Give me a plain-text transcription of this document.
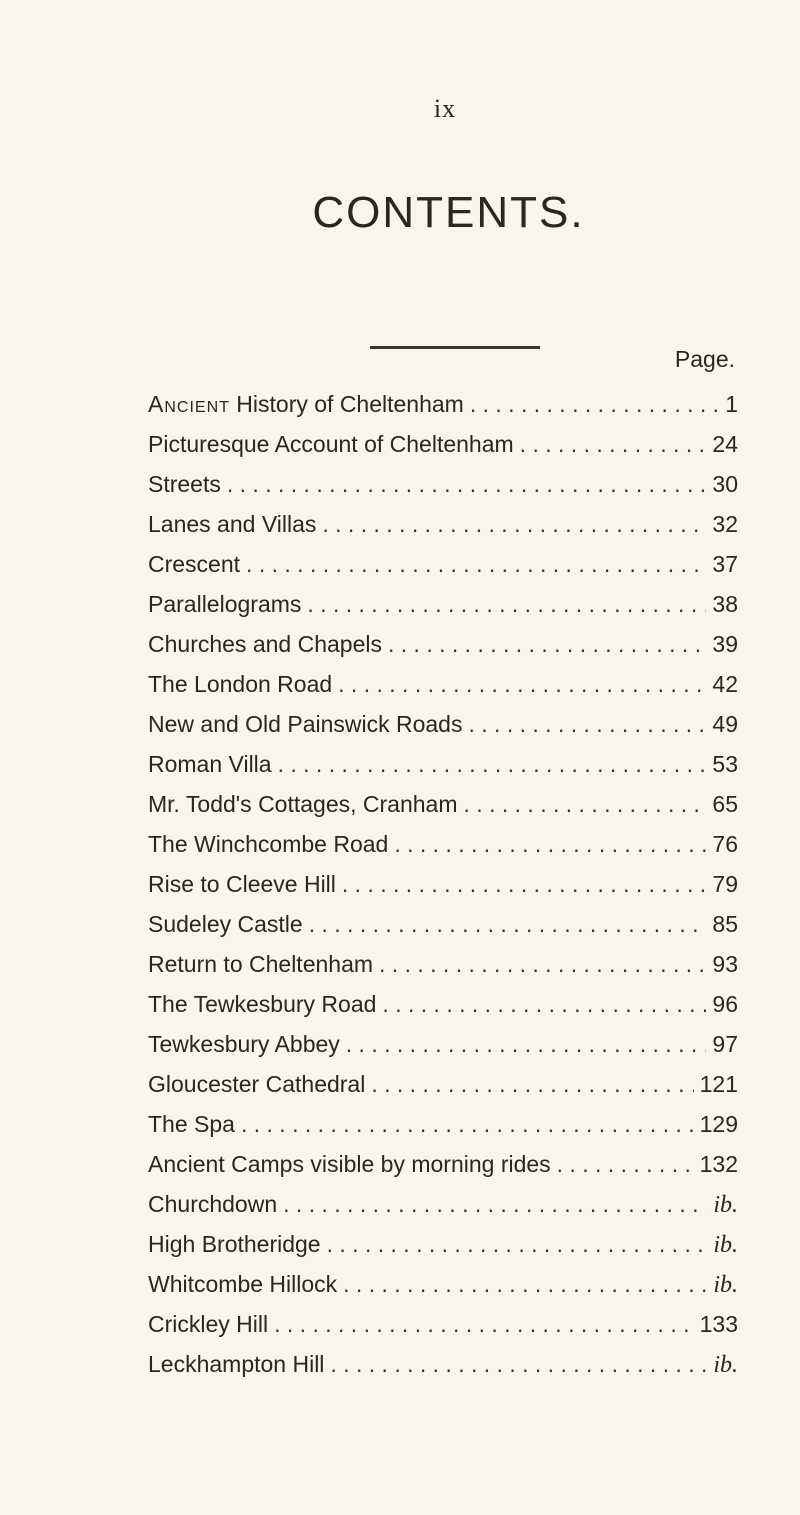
ix
CONTENTS.
Page.
Ancient History of Cheltenham . . .	1
Picturesque Account of Cheltenham . . .	24
Streets . . .	30
Lanes and Villas . . .	32
Crescent . . .	37
Parallelograms . . .	38
Churches and Chapels . . .	39
The London Road . . .	42
New and Old Painswick Roads . . .	49
Roman Villa . . .	53
Mr. Todd's Cottages, Cranham . . .	65
The Winchcombe Road . . .	76
Rise to Cleeve Hill . . .	79
Sudeley Castle . . .	85
Return to Cheltenham . . .	93
The Tewkesbury Road . . .	96
Tewkesbury Abbey . . .	97
Gloucester Cathedral . . .	121
The Spa . . .	129
Ancient Camps visible by morning rides . . .	132
Churchdown . . .	ib.
High Brotheridge . . .	ib.
Whitcombe Hillock . . .	ib.
Crickley Hill . . .	133
Leckhampton Hill . . .	ib.
